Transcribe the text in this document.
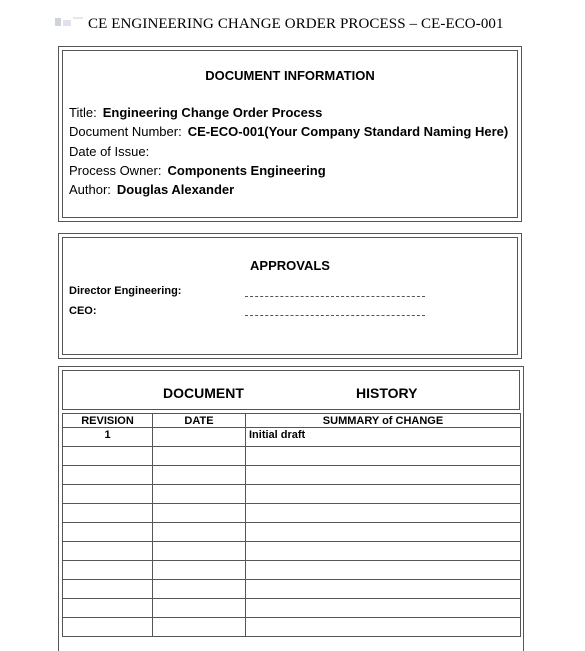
CE ENGINEERING CHANGE ORDER PROCESS – CE-ECO-001
DOCUMENT INFORMATION
Title: Engineering Change Order Process
Document Number: CE-ECO-001(Your Company Standard Naming Here)
Date of Issue:
Process Owner: Components Engineering
Author: Douglas Alexander
APPROVALS
Director Engineering:
CEO:
DOCUMENT	HISTORY
REVISION	DATE	SUMMARY of CHANGE
1		Initial draft
